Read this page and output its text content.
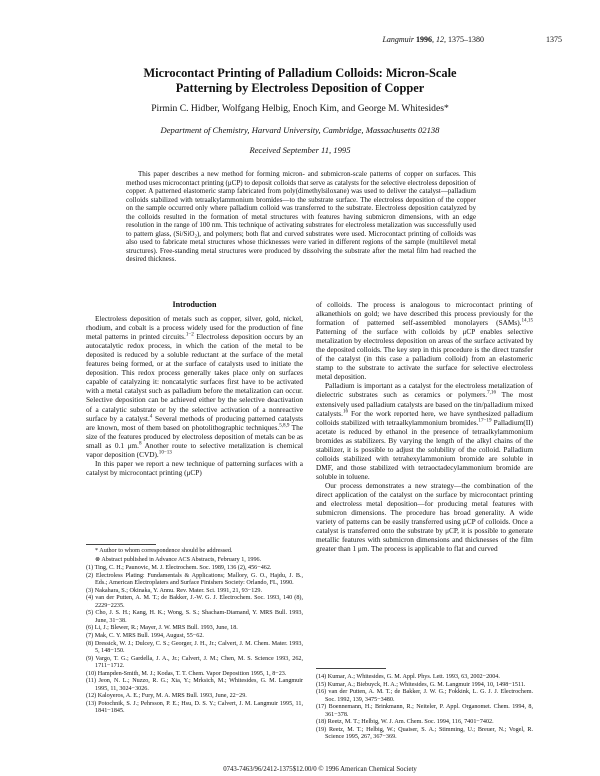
Langmuir 1996, 12, 1375–1380	1375
Microcontact Printing of Palladium Colloids: Micron-Scale
Patterning by Electroless Deposition of Copper
Pirmin C. Hidber, Wolfgang Helbig, Enoch Kim, and George M. Whitesides*
Department of Chemistry, Harvard University, Cambridge, Massachusetts 02138
Received September 11, 1995
This paper describes a new method for forming micron- and submicron-scale patterns of copper on surfaces. This method uses microcontact printing (μCP) to deposit colloids that serve as catalysts for the selective electroless deposition of copper. A patterned elastomeric stamp fabricated from poly(dimethylsiloxane) was used to deliver the catalyst—palladium colloids stabilized with tetraalkylammonium bromides—to the substrate surface. The electroless deposition of the copper on the sample occurred only where palladium colloid was transferred to the substrate. Electroless deposition catalyzed by the colloids resulted in the formation of metal structures with features having submicron dimensions, with an edge resolution in the range of 100 nm. This technique of activating substrates for electroless metalization was successfully used to pattern glass, (Si/SiO₂), and polymers; both flat and curved substrates were used. Microcontact printing of colloids was also used to fabricate metal structures whose thicknesses were varied in different regions of the sample (multilevel metal structures). Free-standing metal structures were produced by dissolving the substrate after the metal film had reached the desired thickness.
Introduction

Electroless deposition of metals such as copper, silver, gold, nickel, rhodium, and cobalt is a process widely used for the production of fine metal patterns in printed circuits.$^{1-2}$ Electroless deposition occurs by an autocatalytic redox process, in which the cation of the metal to be deposited is reduced by a soluble reductant at the surface of the metal features being formed, or at the surface of catalysts used to initiate the deposition. This redox process generally takes place only on surfaces capable of catalyzing it: noncatalytic surfaces first have to be activated with a metal catalyst such as palladium before the metalization can occur. Selective deposition can be achieved either by the selective deactivation of a catalytic substrate or by the selective activation of a nonreactive surface by a catalyst.$^4$ Several methods of producing patterned catalysts are known, most of them based on photolithographic techniques.$^{5,8,9}$ The size of the features produced by electroless deposition of metals can be as small as 0.1 μm.$^8$ Another route to selective metalization is chemical vapor deposition (CVD).$^{10-13}$

In this paper we report a new technique of patterning surfaces with a catalyst by microcontact printing (μCP)

of colloids. The process is analogous to microcontact printing of alkanethiols on gold; we have described this process previously for the formation of patterned self-assembled monolayers (SAMs).$^{14,15}$ Patterning of the surface with colloids by μCP enables selective metalization by electroless deposition on areas of the surface activated by the deposited colloids. The key step in this procedure is the direct transfer of the catalyst (in this case a palladium colloid) from an elastomeric stamp to the substrate to activate the surface for selective electroless metal deposition.

Palladium is important as a catalyst for the electroless metalization of dielectric substrates such as ceramics or polymers.$^{7,16}$ The most extensively used palladium catalysts are based on the tin/palladium mixed catalysts.$^{16}$ For the work reported here, we have synthesized palladium colloids stabilized with tetraalkylammonium bromides.$^{17-19}$ Palladium(II) acetate is reduced by ethanol in the presence of tetraalkylammonium bromides as stabilizers. By varying the length of the alkyl chains of the stabilizer, it is possible to adjust the solubility of the colloid. Palladium colloids stabilized with tetrahexylammonium bromide are soluble in DMF, and those stabilized with tetraoctadecylammonium bromide are soluble in toluene.

Our process demonstrates a new strategy—the combination of the direct application of the catalyst on the surface by microcontact printing and electroless metal deposition—for producing metal features with submicron dimensions. The procedure has broad generality. A wide variety of patterns can be easily transferred using μCP of colloids. Once a catalyst is transferred onto the substrate by μCP, it is possible to generate metallic features with submicron dimensions and thicknesses of the film greater than 1 μm. The process is applicable to flat and curved

* Author to whom correspondence should be addressed.

⊗ Abstract published in Advance ACS Abstracts, February 1, 1996.

(1) Ting, C. H.; Paunovic, M. J. Electrochem. Soc. 1989, 136 (2), 456−462.

(2) Electroless Plating: Fundamentals & Applications; Mallory, G. O., Hajdu, J. B., Eds.; American Electroplaters and Surface Finishers Society: Orlando, FL, 1990.

(3) Nakahara, S.; Okinaka, Y. Annu. Rev. Mater. Sci. 1991, 21, 93−129.

(4) van der Putten, A. M. T.; de Bakker, J.-W. G. J. Electrochem. Soc. 1993, 140 (8), 2229−2235.

(5) Cho, J. S. H.; Kang, H. K.; Wong, S. S.; Shacham-Diamand, Y. MRS Bull. 1993, June, 31−38.

(6) Li, J.; Blewer, R.; Mayer, J. W. MRS Bull. 1993, June, 18.

(7) Mak, C. Y. MRS Bull. 1994, August, 55−62.

(8) Dressick, W. J.; Dulcey, C. S.; Georger, J. H., Jr.; Calvert, J. M. Chem. Mater. 1993, 5, 148−150.

(9) Vargo, T. G.; Gardella, J. A., Jr.; Calvert, J. M.; Chen, M. S. Science 1993, 262, 1711−1712.

(10) Hampden-Smith, M. J.; Kodas, T. T. Chem. Vapor Deposition 1995, 1, 8−23.

(11) Jeon, N. L.; Nuzzo, R. G.; Xia, Y.; Mrksich, M.; Whitesides, G. M. Langmuir 1995, 11, 3024−3026.

(12) Kaloyeros, A. E.; Fury, M. A. MRS Bull. 1993, June, 22−29.

(13) Potochnik, S. J.; Pehrsson, P. E.; Hsu, D. S. Y.; Calvert, J. M. Langmuir 1995, 11, 1841−1845.

(14) Kumar, A.; Whitesides, G. M. Appl. Phys. Lett. 1993, 63, 2002−2004.

(15) Kumar, A.; Biebuyck, H. A.; Whitesides, G. M. Langmuir 1994, 10, 1498−1511.

(16) van der Putten, A. M. T.; de Bakker, J. W. G.; Fokkink, L. G. J. J. Electrochem. Soc. 1992, 139, 3475−3480.

(17) Boennemann, H.; Brinkmann, R.; Neiteler, P. Appl. Organomet. Chem. 1994, 8, 361−378.

(18) Reetz, M. T.; Helbig, W. J. Am. Chem. Soc. 1994, 116, 7401−7402.

(19) Reetz, M. T.; Helbig, W.; Quaiser, S. A.; Stimming, U.; Breuer, N.; Vogel, R. Science 1995, 267, 367−369.

0743-7463/96/2412-1375$12.00/0 © 1996 American Chemical Society
